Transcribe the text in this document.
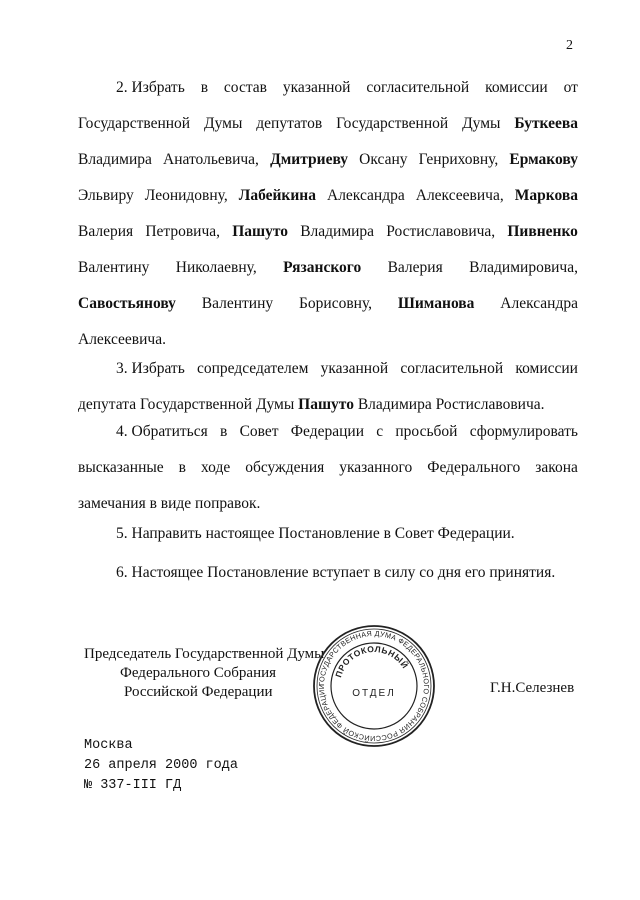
2
2. Избрать в состав указанной согласительной комиссии от
Государственной Думы депутатов Государственной Думы Буткеева
Владимира Анатольевича, Дмитриеву Оксану Генриховну, Ермакову
Эльвиру Леонидовну, Лабейкина Александра Алексеевича, Маркова
Валерия Петровича, Пашуто Владимира Ростиславовича, Пивненко
Валентину Николаевну, Рязанского Валерия Владимировича,
Савостьянову Валентину Борисовну, Шиманова Александра
Алексеевича.
3. Избрать сопредседателем указанной согласительной комиссии
депутата Государственной Думы Пашуто Владимира Ростиславовича.
4. Обратиться в Совет Федерации с просьбой сформулировать
высказанные в ходе обсуждения указанного Федерального закона
замечания в виде поправок.
5. Направить настоящее Постановление в Совет Федерации.
6. Настоящее Постановление вступает в силу со дня его принятия.
Председатель Государственной Думы
Федерального Собрания
Российской Федерации	ГОСУДАРСТВЕННАЯ ДУМА ФЕДЕРАЛЬНОГО СОБРАНИЯ РОССИЙСКОЙ ФЕДЕРАЦИИ
ПРОТОКОЛЬНЫЙ
ОТДЕЛ	Г.Н.Селезнев
Москва
26 апреля 2000 года
№ 337-III ГД
